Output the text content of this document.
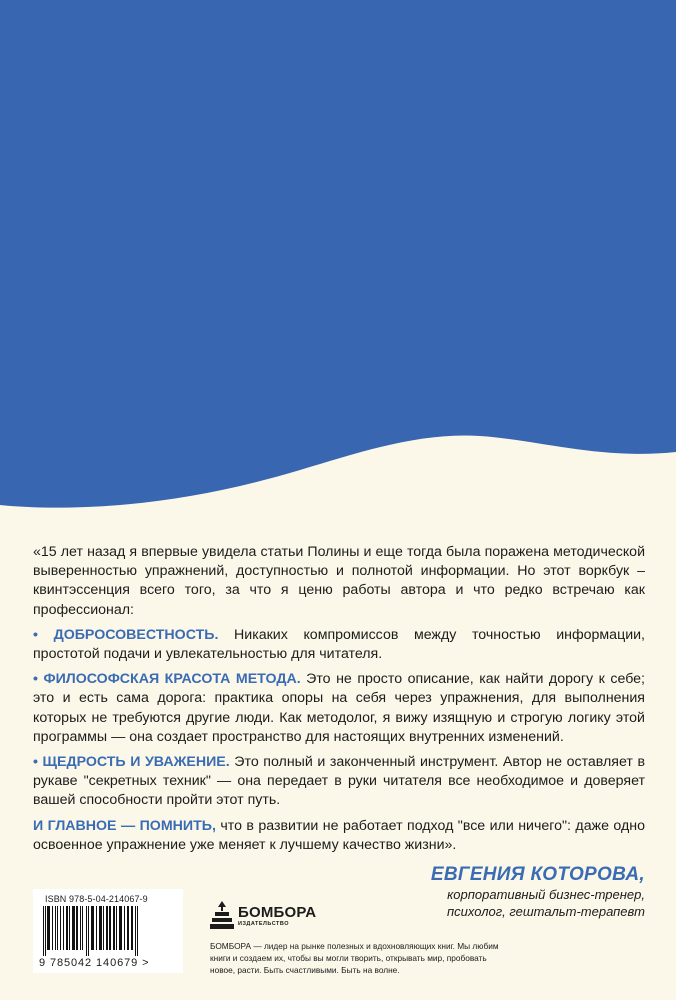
«15 лет назад я впервые увидела статьи Полины и еще тогда была поражена методической выверенностью упражнений, доступностью и полнотой информации. Но этот воркбук – квинтэссенция всего того, за что я ценю работы автора и что редко встречаю как профессионал:

• ДОБРОСОВЕСТНОСТЬ. Никаких компромиссов между точностью информации, простотой подачи и увлекательностью для читателя.

• ФИЛОСОФСКАЯ КРАСОТА МЕТОДА. Это не просто описание, как найти дорогу к себе; это и есть сама дорога: практика опоры на себя через упражнения, для выполнения которых не требуются другие люди. Как методолог, я вижу изящную и строгую логику этой программы — она создает пространство для настоящих внутренних изменений.

• ЩЕДРОСТЬ И УВАЖЕНИЕ. Это полный и законченный инструмент. Автор не оставляет в рукаве "секретных техник" — она передает в руки читателя все необходимое и доверяет вашей способности пройти этот путь.

И ГЛАВНОЕ — ПОМНИТЬ, что в развитии не работает подход "все или ничего": даже одно освоенное упражнение уже меняет к лучшему качество жизни».

ЕВГЕНИЯ КОТОРОВА,
корпоративный бизнес-тренер,
психолог, гештальт-терапевт
ISBN 978-5-04-214067-9
9 785042 140679 >
БОМБОРА
ИЗДАТЕЛЬСТВО
БОМБОРА — лидер на рынке полезных и вдохновляющих книг. Мы любим книги и создаем их, чтобы вы могли творить, открывать мир, пробовать новое, расти. Быть счастливыми. Быть на волне.
